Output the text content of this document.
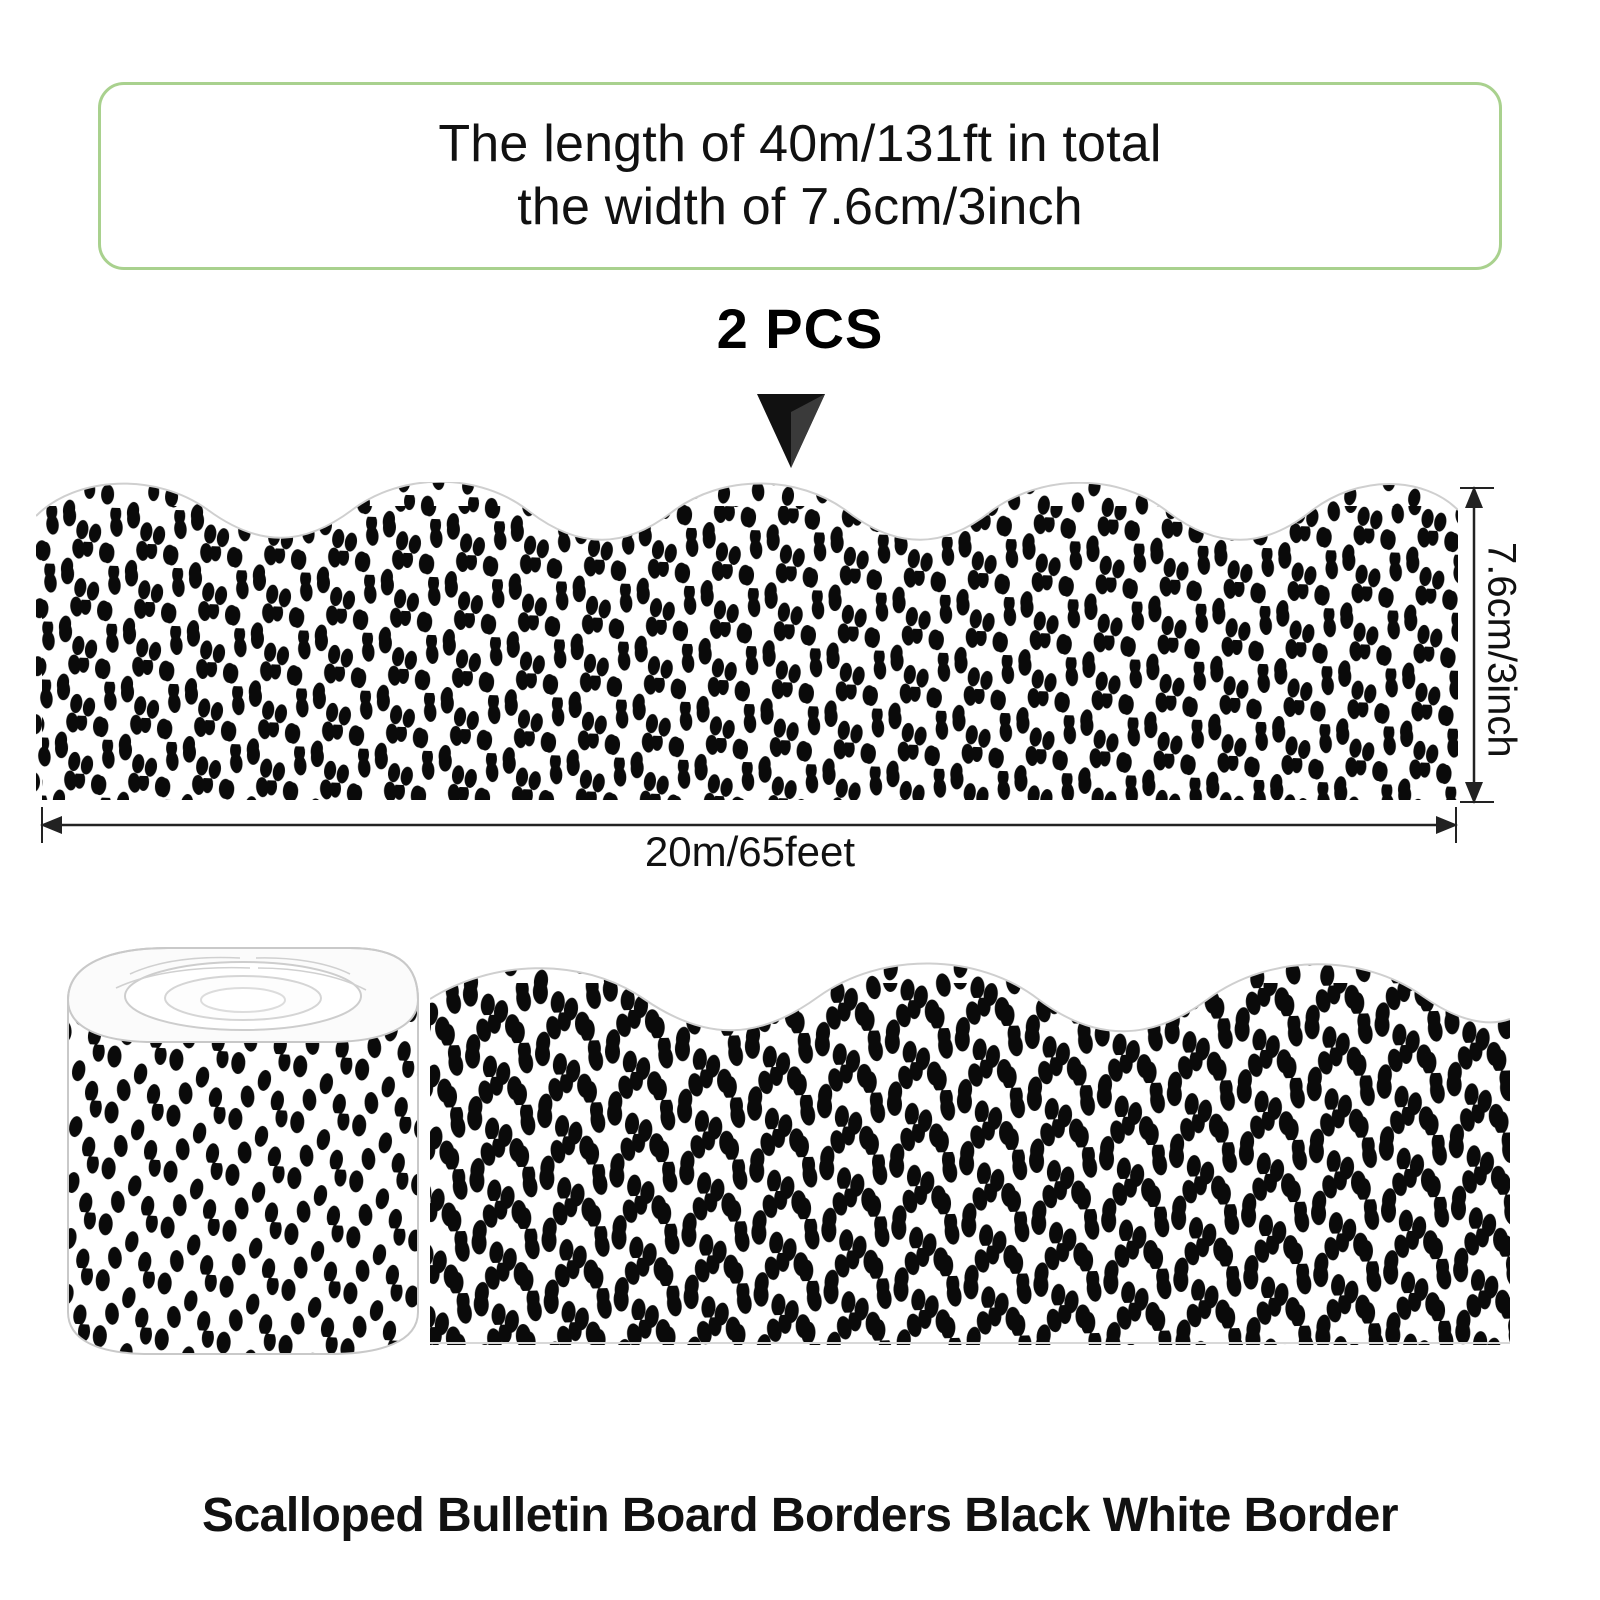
The length of 40m/131ft in total
the width of 7.6cm/3inch
2 PCS
20m/65feet
7.6cm/3inch
Scalloped Bulletin Board Borders Black White Border
